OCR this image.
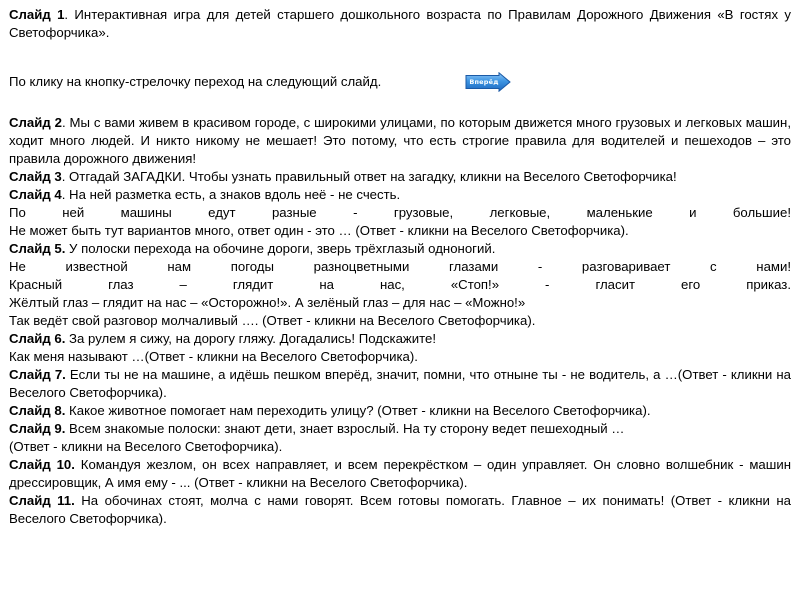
Слайд 1. Интерактивная игра для детей старшего дошкольного возраста по Правилам Дорожного Движения «В гостях у Светофорчика».
По клику на кнопку-стрелочку переход на следующий слайд.	Вперёд
Слайд 2. Мы с вами живем в красивом городе, с широкими улицами, по которым движется много грузовых и легковых машин, ходит много людей. И никто никому не мешает! Это потому, что есть строгие правила для водителей и пешеходов – это правила дорожного движения!
Слайд 3. Отгадай ЗАГАДКИ. Чтобы узнать правильный ответ на загадку, кликни на Веселого Светофорчика!
Слайд 4. На ней разметка есть, а знаков вдоль неё - не счесть.
По ней машины едут разные - грузовые, легковые, маленькие и большие!
Не может быть тут вариантов много, ответ один - это … (Ответ - кликни на Веселого Светофорчика).
Слайд 5. У полоски перехода на обочине дороги, зверь трёхглазый одноногий.
Не известной нам погоды разноцветными глазами - разговаривает с нами!
Красный глаз – глядит на нас, «Стоп!» - гласит его приказ.
Жёлтый глаз – глядит на нас – «Осторожно!». А зелёный глаз – для нас – «Можно!»
Так ведёт свой разговор молчаливый …. (Ответ - кликни на Веселого Светофорчика).
Слайд 6. За рулем я сижу, на дорогу гляжу. Догадались! Подскажите!
Как меня называют …(Ответ - кликни на Веселого Светофорчика).
Слайд 7. Если ты не на машине, а идёшь пешком вперёд, значит, помни, что отныне ты - не водитель, а …(Ответ - кликни на Веселого Светофорчика).
Слайд 8. Какое животное помогает нам переходить улицу? (Ответ - кликни на Веселого Светофорчика).
Слайд 9. Всем знакомые полоски: знают дети, знает взрослый. На ту сторону ведет пешеходный …
(Ответ - кликни на Веселого Светофорчика).
Слайд 10. Командуя жезлом, он всех направляет, и всем перекрёстком – один управляет. Он словно волшебник - машин дрессировщик, А имя ему - ... (Ответ - кликни на Веселого Светофорчика).
Слайд 11. На обочинах стоят, молча с нами говорят. Всем готовы помогать. Главное – их понимать! (Ответ - кликни на Веселого Светофорчика).
